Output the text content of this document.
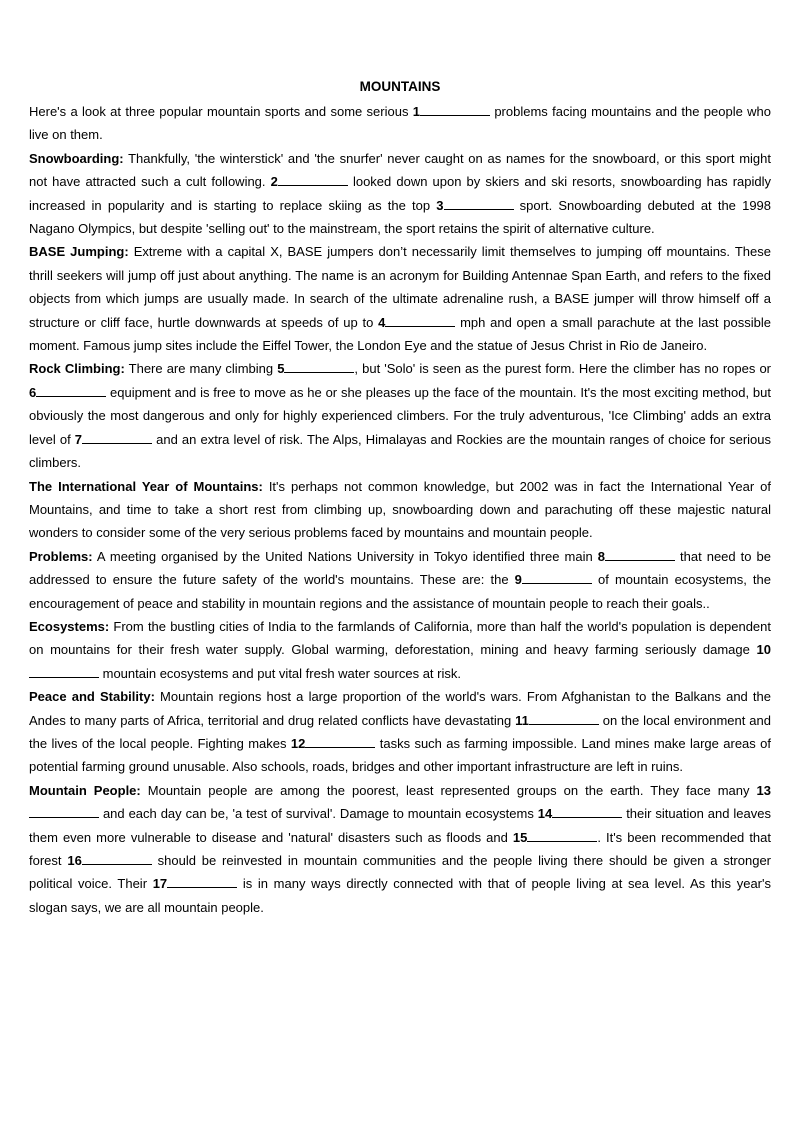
MOUNTAINS

Here's a look at three popular mountain sports and some serious 1	problems facing mountains and the people who live on them.

Snowboarding: Thankfully, 'the winterstick' and 'the snurfer' never caught on as names for the snowboard, or this sport might not have attracted such a cult following. 2	looked down upon by skiers and ski resorts, snowboarding has rapidly increased in popularity and is starting to replace skiing as the top 3	sport. Snowboarding debuted at the 1998 Nagano Olympics, but despite 'selling out' to the mainstream, the sport retains the spirit of alternative culture.

BASE Jumping: Extreme with a capital X, BASE jumpers don’t necessarily limit themselves to jumping off mountains. These thrill seekers will jump off just about anything. The name is an acronym for Building Antennae Span Earth, and refers to the fixed objects from which jumps are usually made. In search of the ultimate adrenaline rush, a BASE jumper will throw himself off a structure or cliff face, hurtle downwards at speeds of up to 4	mph and open a small parachute at the last possible moment. Famous jump sites include the Eiffel Tower, the London Eye and the statue of Jesus Christ in Rio de Janeiro.

Rock Climbing: There are many climbing 5	, but 'Solo' is seen as the purest form. Here the climber has no ropes or 6	equipment and is free to move as he or she pleases up the face of the mountain. It's the most exciting method, but obviously the most dangerous and only for highly experienced climbers. For the truly adventurous, 'Ice Climbing' adds an extra level of 7	and an extra level of risk. The Alps, Himalayas and Rockies are the mountain ranges of choice for serious climbers.

The International Year of Mountains: It's perhaps not common knowledge, but 2002 was in fact the International Year of Mountains, and time to take a short rest from climbing up, snowboarding down and parachuting off these majestic natural wonders to consider some of the very serious problems faced by mountains and mountain people.

Problems: A meeting organised by the United Nations University in Tokyo identified three main 8	that need to be addressed to ensure the future safety of the world's mountains. These are: the 9	of mountain ecosystems, the encouragement of peace and stability in mountain regions and the assistance of mountain people to reach their goals..

Ecosystems: From the bustling cities of India to the farmlands of California, more than half the world's population is dependent on mountains for their fresh water supply. Global warming, deforestation, mining and heavy farming seriously damage 10 mountain ecosystems and put vital fresh water sources at risk.

Peace and Stability: Mountain regions host a large proportion of the world's wars. From Afghanistan to the Balkans and the Andes to many parts of Africa, territorial and drug related conflicts have devastating 11	on the local environment and the lives of the local people. Fighting makes 12	tasks such as farming impossible. Land mines make large areas of potential farming ground unusable. Also schools, roads, bridges and other important infrastructure are left in ruins.

Mountain People: Mountain people are among the poorest, least represented groups on the earth. They face many 13 and each day can be, 'a test of survival'. Damage to mountain ecosystems 14	their situation and leaves them even more vulnerable to disease and 'natural' disasters such as floods and 15	. It's been recommended that forest 16	should be reinvested in mountain communities and the people living there should be given a stronger political voice. Their 17	is in many ways directly connected with that of people living at sea level. As this year's slogan says, we are all mountain people.
